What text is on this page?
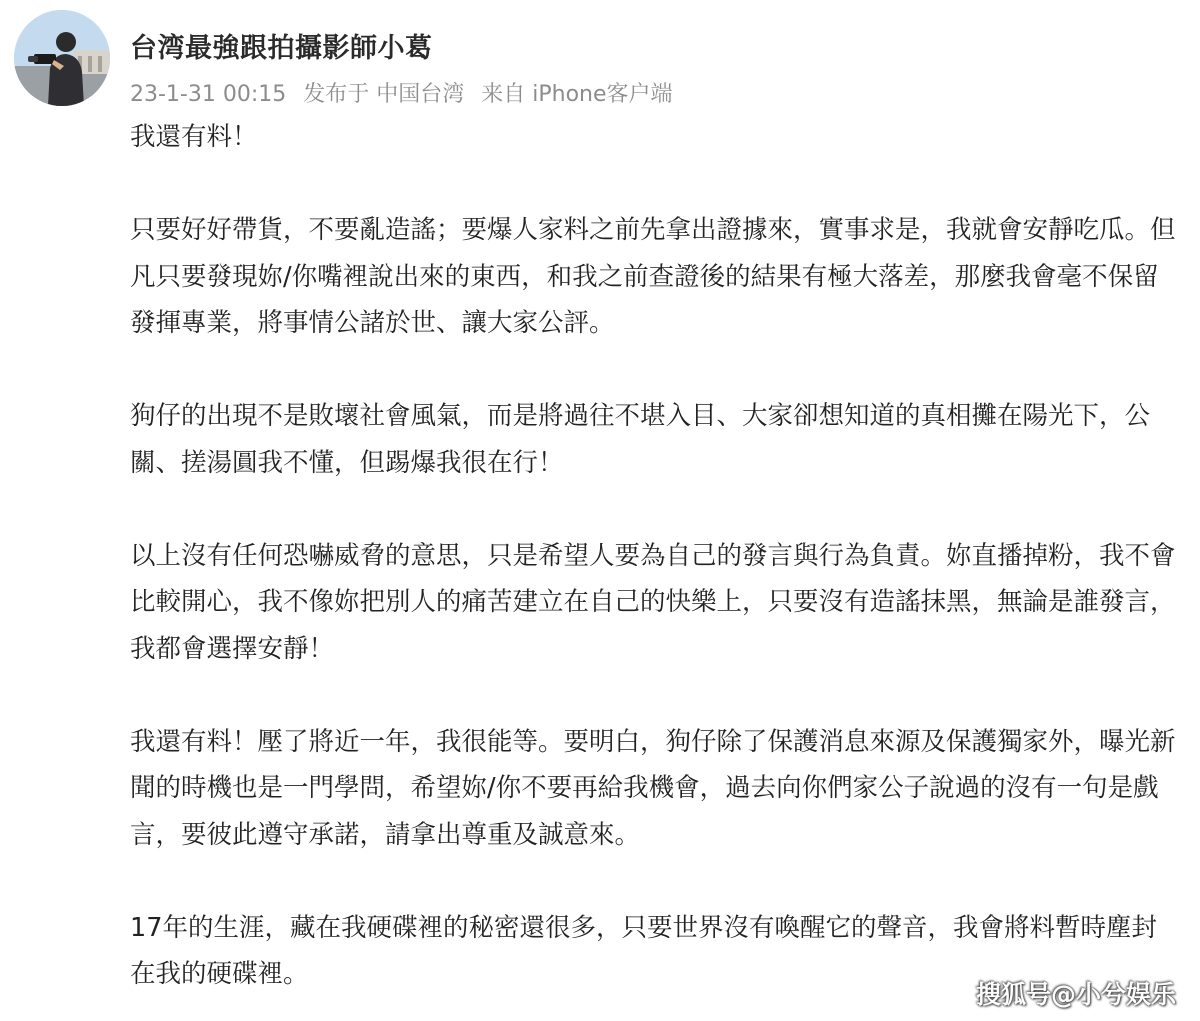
台湾最強跟拍攝影師小葛
23-1-31 00:15 发布于 中国台湾 来自 iPhone客户端

我還有料！

只要好好帶貨，不要亂造謠；要爆人家料之前先拿出證據來，實事求是，我就會安靜吃瓜。但凡只要發現妳/你嘴裡說出來的東西，和我之前查證後的結果有極大落差，那麼我會毫不保留發揮專業，將事情公諸於世、讓大家公評。

狗仔的出現不是敗壞社會風氣，而是將過往不堪入目、大家卻想知道的真相攤在陽光下，公關、搓湯圓我不懂，但踢爆我很在行！

以上沒有任何恐嚇威脅的意思，只是希望人要為自己的發言與行為負責。妳直播掉粉，我不會比較開心，我不像妳把別人的痛苦建立在自己的快樂上，只要沒有造謠抹黑，無論是誰發言，我都會選擇安靜！

我還有料！壓了將近一年，我很能等。要明白，狗仔除了保護消息來源及保護獨家外，曝光新聞的時機也是一門學問，希望妳/你不要再給我機會，過去向你們家公子說過的沒有一句是戲言，要彼此遵守承諾，請拿出尊重及誠意來。

17年的生涯，藏在我硬碟裡的秘密還很多，只要世界沒有喚醒它的聲音，我會將料暫時塵封在我的硬碟裡。

搜狐号@小兮娱乐
